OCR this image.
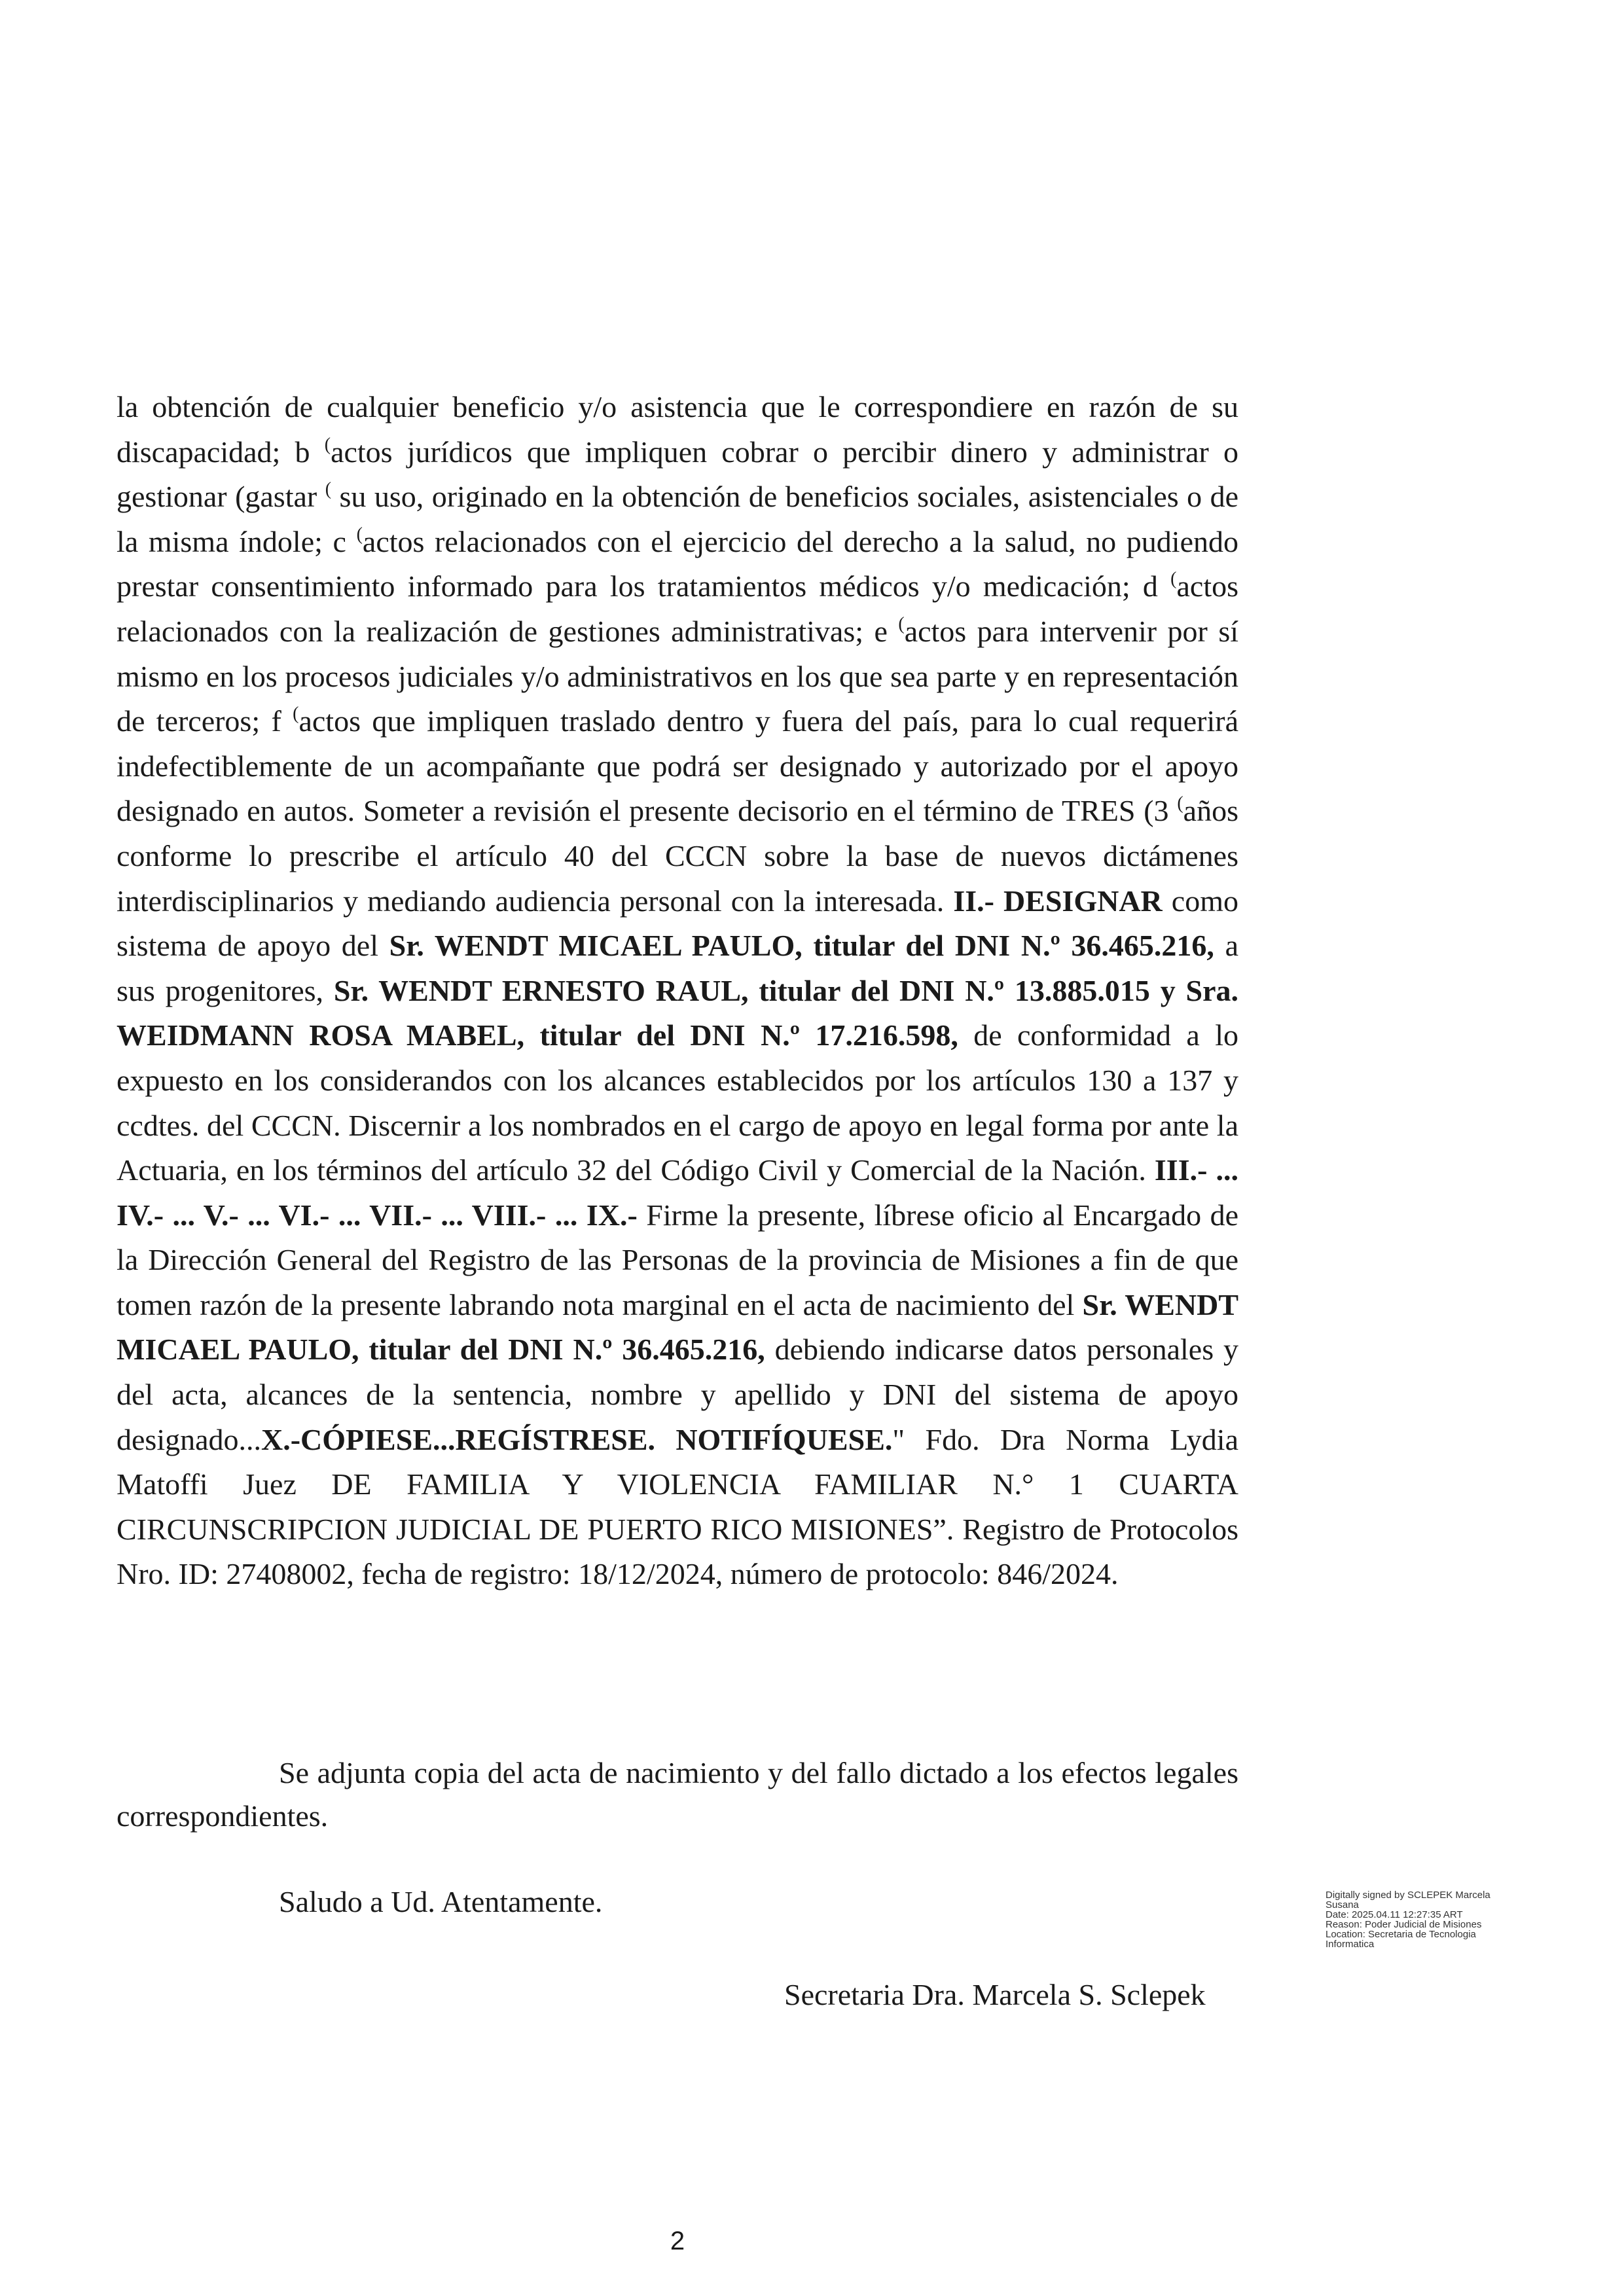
la obtención de cualquier beneficio y/o asistencia que le correspondiere en razón de su discapacidad; b (actos jurídicos que impliquen cobrar o percibir dinero y administrar o gestionar (gastar ( su uso, originado en la obtención de beneficios sociales, asistenciales o de la misma índole; c (actos relacionados con el ejercicio del derecho a la salud, no pudiendo prestar consentimiento informado para los tratamientos médicos y/o medicación; d (actos relacionados con la realización de gestiones administrativas; e (actos para intervenir por sí mismo en los procesos judiciales y/o administrativos en los que sea parte y en representación de terceros; f (actos que impliquen traslado dentro y fuera del país, para lo cual requerirá indefectiblemente de un acompañante que podrá ser designado y autorizado por el apoyo designado en autos. Someter a revisión el presente decisorio en el término de TRES (3 (años conforme lo prescribe el artículo 40 del CCCN sobre la base de nuevos dictámenes interdisciplinarios y mediando audiencia personal con la interesada. II.- DESIGNAR como sistema de apoyo del Sr. WENDT MICAEL PAULO, titular del DNI N.º 36.465.216, a sus progenitores, Sr. WENDT ERNESTO RAUL, titular del DNI N.º 13.885.015 y Sra. WEIDMANN ROSA MABEL, titular del DNI N.º 17.216.598, de conformidad a lo expuesto en los considerandos con los alcances establecidos por los artículos 130 a 137 y ccdtes. del CCCN. Discernir a los nombrados en el cargo de apoyo en legal forma por ante la Actuaria, en los términos del artículo 32 del Código Civil y Comercial de la Nación. III.- ... IV.- ... V.- ... VI.- ... VII.- ... VIII.- ... IX.- Firme la presente, líbrese oficio al Encargado de la Dirección General del Registro de las Personas de la provincia de Misiones a fin de que tomen razón de la presente labrando nota marginal en el acta de nacimiento del Sr. WENDT MICAEL PAULO, titular del DNI N.º 36.465.216, debiendo indicarse datos personales y del acta, alcances de la sentencia, nombre y apellido y DNI del sistema de apoyo designado...X.-CÓPIESE...REGÍSTRESE. NOTIFÍQUESE." Fdo. Dra Norma Lydia Matoffi Juez DE FAMILIA Y VIOLENCIA FAMILIAR N.° 1 CUARTA CIRCUNSCRIPCION JUDICIAL DE PUERTO RICO MISIONES”. Registro de Protocolos Nro. ID: 27408002, fecha de registro: 18/12/2024, número de protocolo: 846/2024.

Se adjunta copia del acta de nacimiento y del fallo dictado a los efectos legales correspondientes.

Saludo a Ud. Atentamente.	Digitally signed by SCLEPEK Marcela
Susana
Date: 2025.04.11 12:27:35 ART
Reason: Poder Judicial de Misiones
Location: Secretaria de Tecnologia
Informatica

Secretaria Dra. Marcela S. Sclepek

2
